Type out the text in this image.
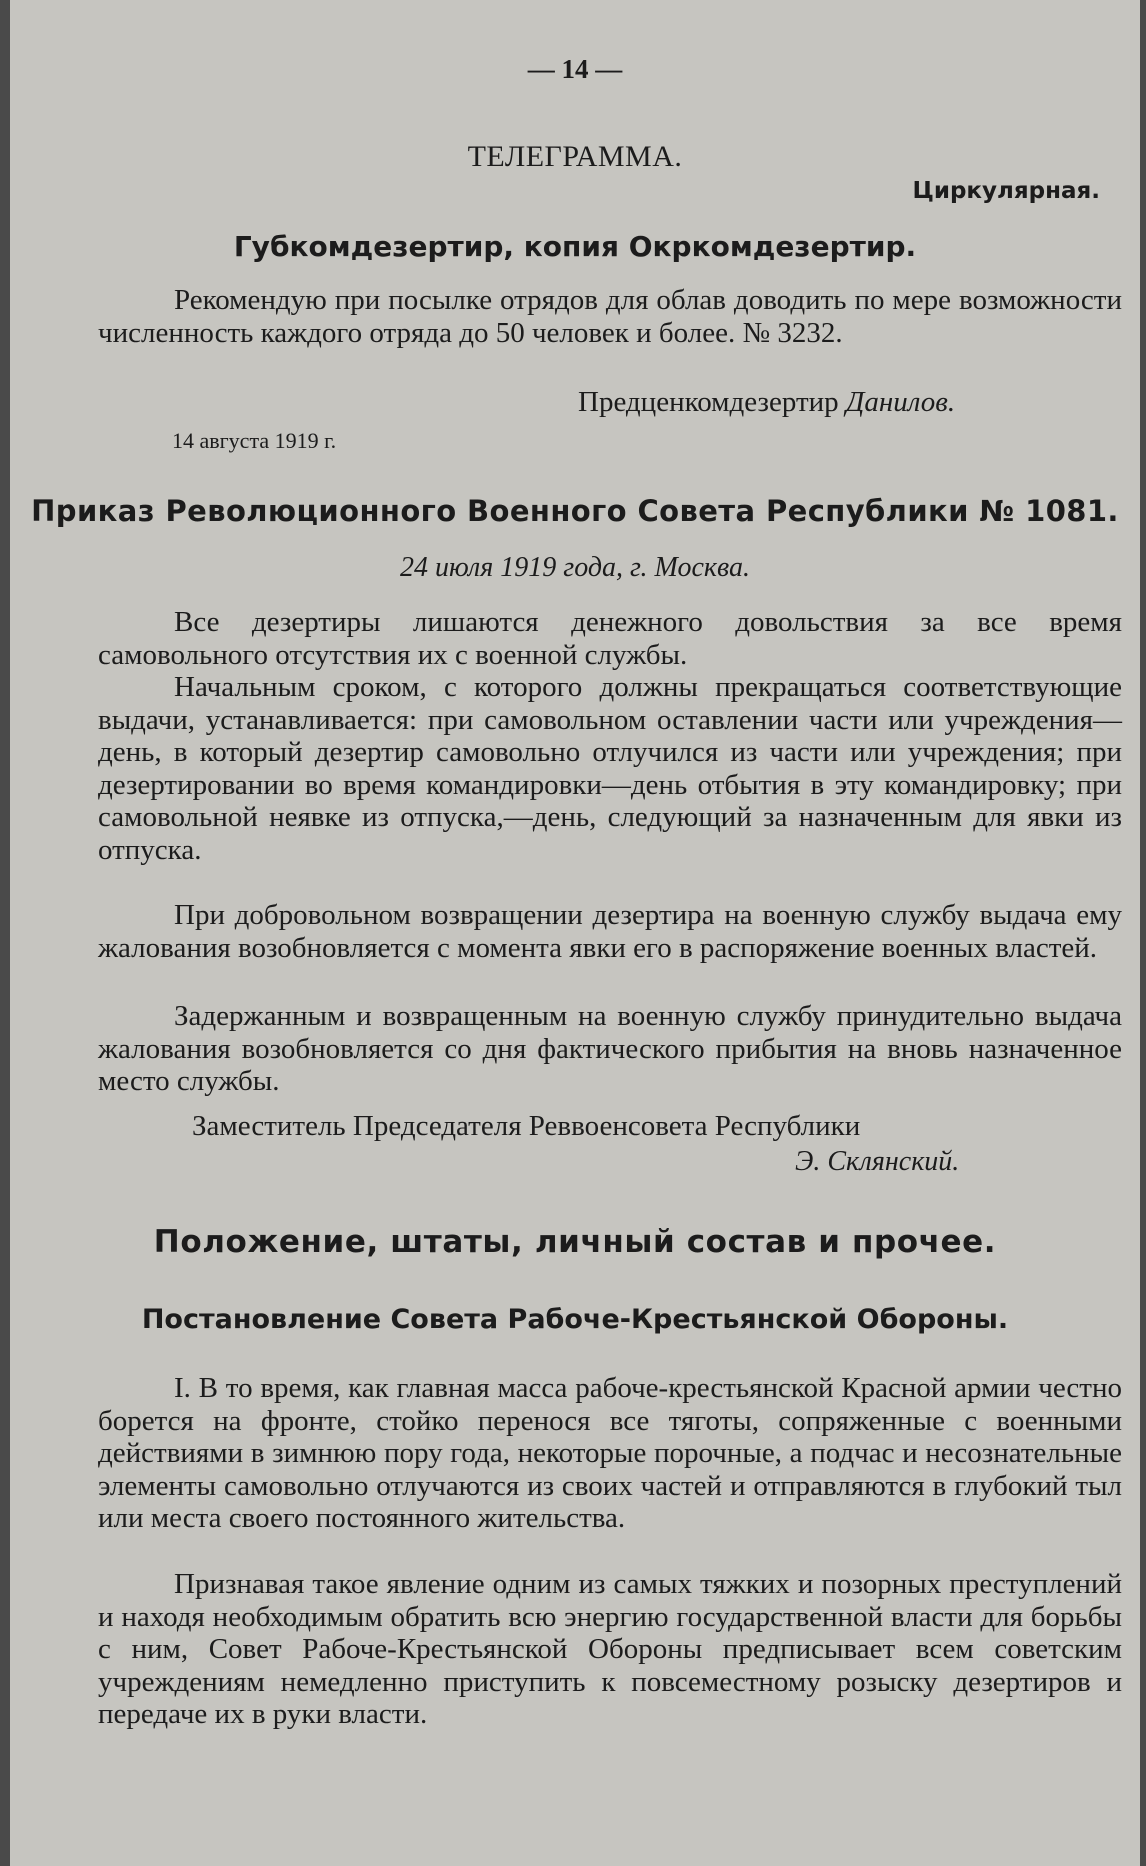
— 14 —
ТЕЛЕГРАММА.
Циркулярная.
Губкомдезертир, копия Окркомдезертир.

Рекомендую при посылке отрядов для облав доводить по мере возможности численность каждого отряда до 50 человек и более. № 3232.

Предценкомдезертир Данилов.
14 августа 1919 г.
Приказ Революционного Военного Совета Республики № 1081.
24 июля 1919 года, г. Москва.

Все дезертиры лишаются денежного довольствия за все время самовольного отсутствия их с военной службы.

Начальным сроком, с которого должны прекращаться соответствующие выдачи, устанавливается: при самовольном оставлении части или учреждения—день, в который дезертир самовольно отлучился из части или учреждения; при дезертировании во время командировки—день отбытия в эту командировку; при самовольной неявке из отпуска,—день, следующий за назначенным для явки из отпуска.

При добровольном возвращении дезертира на военную службу выдача ему жалования возобновляется с момента явки его в распоряжение военных властей.

Задержанным и возвращенным на военную службу принудительно выдача жалования возобновляется со дня фактического прибытия на вновь назначенное место службы.

Заместитель Председателя Реввоенсовета Республики
Э. Склянский.
Положение, штаты, личный состав и прочее.
Постановление Совета Рабоче-Крестьянской Обороны.

I. В то время, как главная масса рабоче-крестьянской Красной армии честно борется на фронте, стойко перенося все тяготы, сопряженные с военными действиями в зимнюю пору года, некоторые порочные, а подчас и несознательные элементы самовольно отлучаются из своих частей и отправляются в глубокий тыл или места своего постоянного жительства.

Признавая такое явление одним из самых тяжких и позорных преступлений и находя необходимым обратить всю энергию государственной власти для борьбы с ним, Совет Рабоче-Крестьянской Обороны предписывает всем советским учреждениям немедленно приступить к повсеместному розыску дезертиров и передаче их в руки власти.
